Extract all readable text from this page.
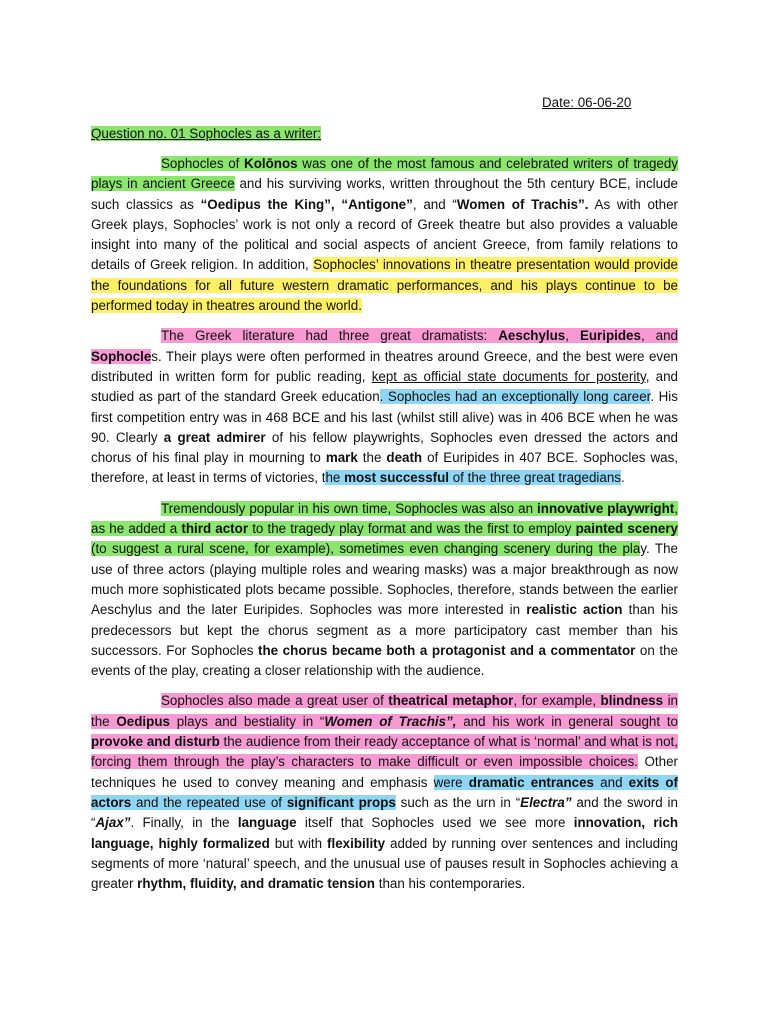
Date: 06-06-20
Question no. 01 Sophocles as a writer:

Sophocles of Kolōnos was one of the most famous and celebrated writers of tragedy plays in ancient Greece and his surviving works, written throughout the 5th century BCE, include such classics as “Oedipus the King”, “Antigone”, and “Women of Trachis”. As with other Greek plays, Sophocles’ work is not only a record of Greek theatre but also provides a valuable insight into many of the political and social aspects of ancient Greece, from family relations to details of Greek religion. In addition, Sophocles’ innovations in theatre presentation would provide the foundations for all future western dramatic performances, and his plays continue to be performed today in theatres around the world.

The Greek literature had three great dramatists: Aeschylus, Euripides, and Sophocles. Their plays were often performed in theatres around Greece, and the best were even distributed in written form for public reading, kept as official state documents for posterity, and studied as part of the standard Greek education. Sophocles had an exceptionally long career. His first competition entry was in 468 BCE and his last (whilst still alive) was in 406 BCE when he was 90. Clearly a great admirer of his fellow playwrights, Sophocles even dressed the actors and chorus of his final play in mourning to mark the death of Euripides in 407 BCE. Sophocles was, therefore, at least in terms of victories, the most successful of the three great tragedians.

Tremendously popular in his own time, Sophocles was also an innovative playwright, as he added a third actor to the tragedy play format and was the first to employ painted scenery (to suggest a rural scene, for example), sometimes even changing scenery during the play. The use of three actors (playing multiple roles and wearing masks) was a major breakthrough as now much more sophisticated plots became possible. Sophocles, therefore, stands between the earlier Aeschylus and the later Euripides. Sophocles was more interested in realistic action than his predecessors but kept the chorus segment as a more participatory cast member than his successors. For Sophocles the chorus became both a protagonist and a commentator on the events of the play, creating a closer relationship with the audience.

Sophocles also made a great user of theatrical metaphor, for example, blindness in the Oedipus plays and bestiality in “Women of Trachis”, and his work in general sought to provoke and disturb the audience from their ready acceptance of what is ‘normal’ and what is not, forcing them through the play’s characters to make difficult or even impossible choices. Other techniques he used to convey meaning and emphasis were dramatic entrances and exits of actors and the repeated use of significant props such as the urn in “Electra” and the sword in “Ajax”. Finally, in the language itself that Sophocles used we see more innovation, rich language, highly formalized but with flexibility added by running over sentences and including segments of more ‘natural’ speech, and the unusual use of pauses result in Sophocles achieving a greater rhythm, fluidity, and dramatic tension than his contemporaries.
